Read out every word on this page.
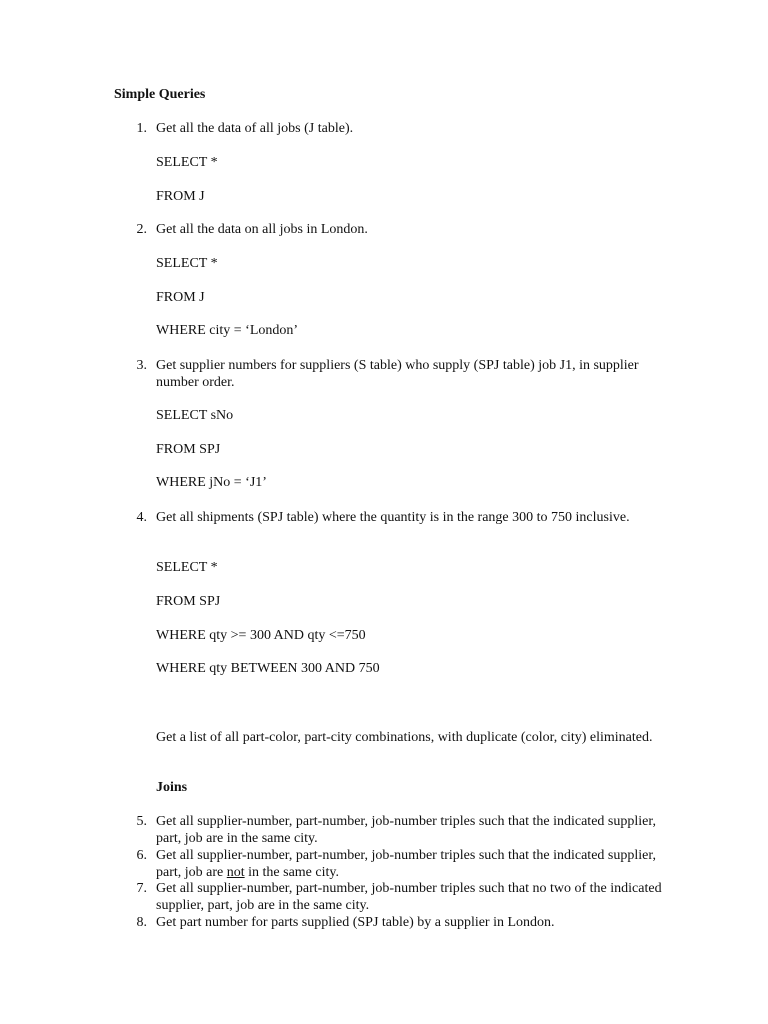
Simple Queries
1. Get all the data of all jobs (J table).
SELECT *
FROM J
2. Get all the data on all jobs in London.
SELECT *
FROM J
WHERE city = ‘London’
3. Get supplier numbers for suppliers (S table) who supply (SPJ table) job J1, in supplier number order.
SELECT sNo
FROM SPJ
WHERE jNo = ‘J1’
4. Get all shipments (SPJ table) where the quantity is in the range 300 to 750 inclusive.
SELECT *
FROM SPJ
WHERE qty >= 300 AND qty <=750
WHERE qty BETWEEN 300 AND 750
Get a list of all part-color, part-city combinations, with duplicate (color, city) eliminated.
Joins
5. Get all supplier-number, part-number, job-number triples such that the indicated supplier, part, job are in the same city.
6. Get all supplier-number, part-number, job-number triples such that the indicated supplier, part, job are not in the same city.
7. Get all supplier-number, part-number, job-number triples such that no two of the indicated supplier, part, job are in the same city.
8. Get part number for parts supplied (SPJ table) by a supplier in London.
